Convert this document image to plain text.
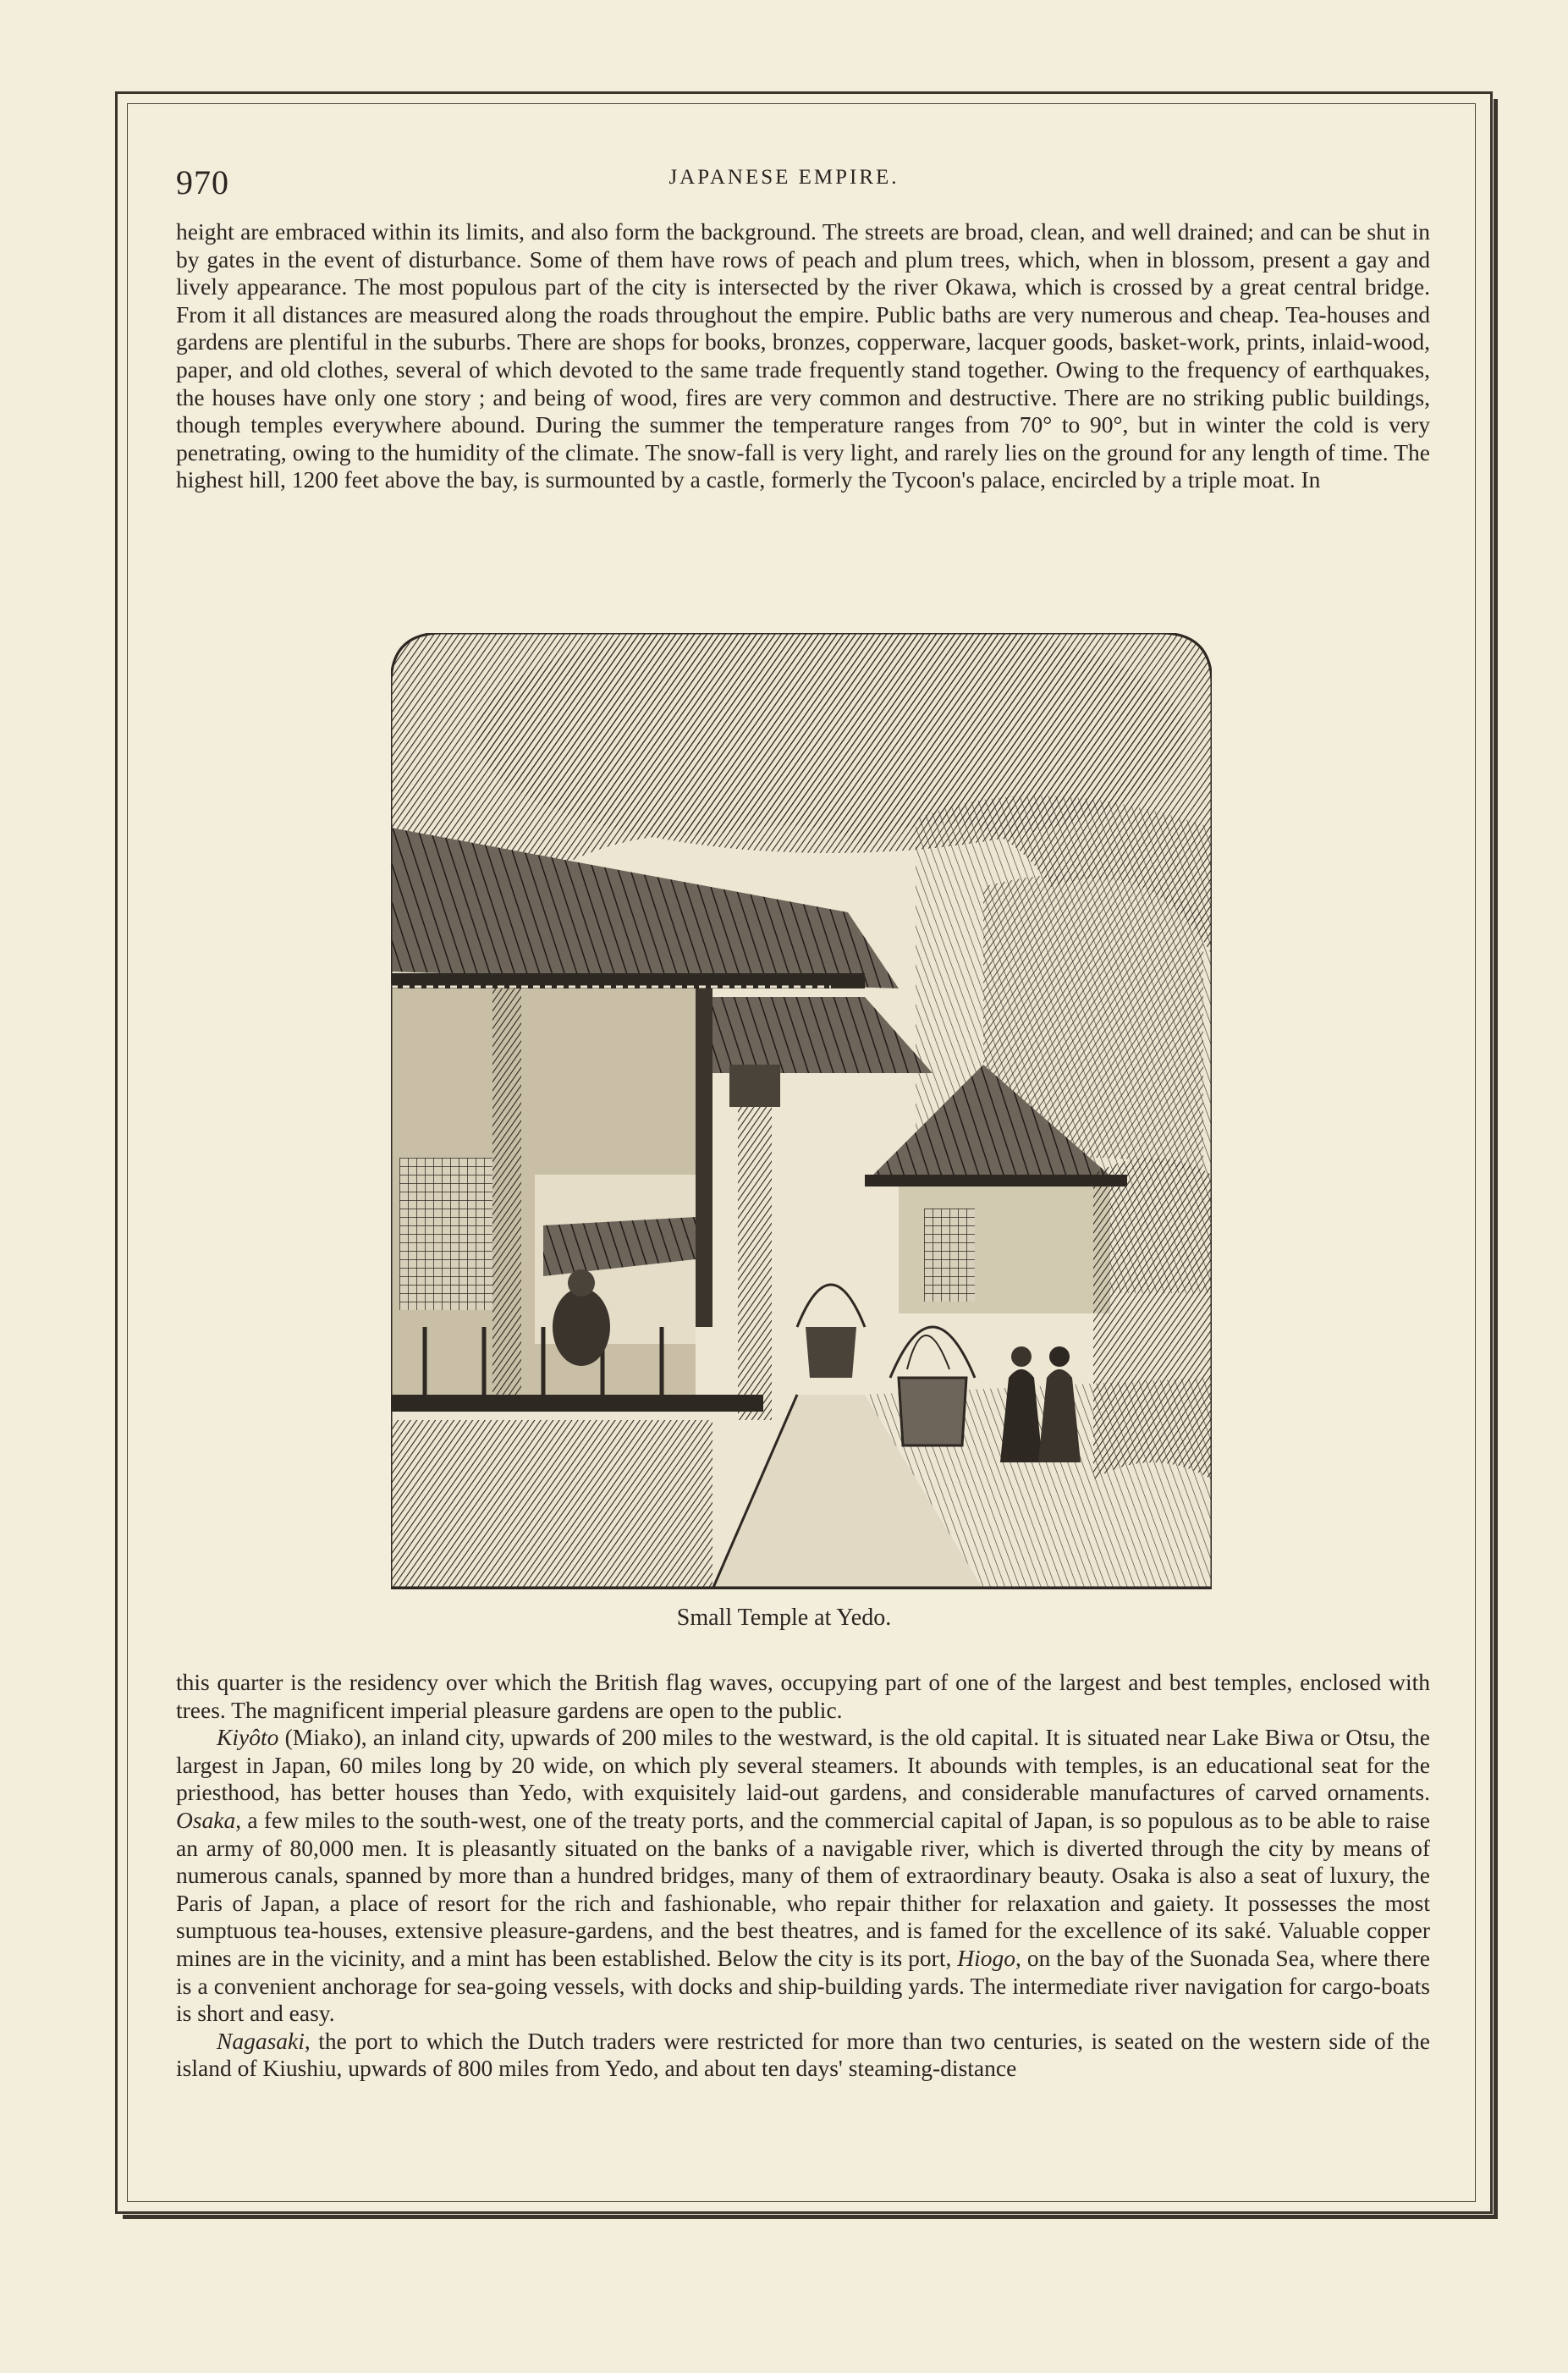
970	JAPANESE EMPIRE.

height are embraced within its limits, and also form the background. The streets are broad, clean, and well drained; and can be shut in by gates in the event of disturbance. Some of them have rows of peach and plum trees, which, when in blossom, present a gay and lively appearance. The most populous part of the city is intersected by the river Okawa, which is crossed by a great central bridge. From it all distances are measured along the roads throughout the empire. Public baths are very numerous and cheap. Tea-houses and gardens are plentiful in the suburbs. There are shops for books, bronzes, copperware, lacquer goods, basket-work, prints, inlaid-wood, paper, and old clothes, several of which devoted to the same trade frequently stand together. Owing to the frequency of earthquakes, the houses have only one story ; and being of wood, fires are very common and destructive. There are no striking public buildings, though temples everywhere abound. During the summer the temperature ranges from 70° to 90°, but in winter the cold is very penetrating, owing to the humidity of the climate. The snow-fall is very light, and rarely lies on the ground for any length of time. The highest hill, 1200 feet above the bay, is surmounted by a castle, formerly the Tycoon's palace, encircled by a triple moat. In

Small Temple at Yedo.

this quarter is the residency over which the British flag waves, occupying part of one of the largest and best temples, enclosed with trees. The magnificent imperial pleasure gardens are open to the public.

Kiyôto (Miako), an inland city, upwards of 200 miles to the westward, is the old capital. It is situated near Lake Biwa or Otsu, the largest in Japan, 60 miles long by 20 wide, on which ply several steamers. It abounds with temples, is an educational seat for the priesthood, has better houses than Yedo, with exquisitely laid-out gardens, and considerable manufactures of carved ornaments. Osaka, a few miles to the south-west, one of the treaty ports, and the commercial capital of Japan, is so populous as to be able to raise an army of 80,000 men. It is pleasantly situated on the banks of a navigable river, which is diverted through the city by means of numerous canals, spanned by more than a hundred bridges, many of them of extraordinary beauty. Osaka is also a seat of luxury, the Paris of Japan, a place of resort for the rich and fashionable, who repair thither for relaxation and gaiety. It possesses the most sumptuous tea-houses, extensive pleasure-gardens, and the best theatres, and is famed for the excellence of its saké. Valuable copper mines are in the vicinity, and a mint has been established. Below the city is its port, Hiogo, on the bay of the Suonada Sea, where there is a convenient anchorage for sea-going vessels, with docks and ship-building yards. The intermediate river navigation for cargo-boats is short and easy.

Nagasaki, the port to which the Dutch traders were restricted for more than two centuries, is seated on the western side of the island of Kiushiu, upwards of 800 miles from Yedo, and about ten days' steaming-distance
